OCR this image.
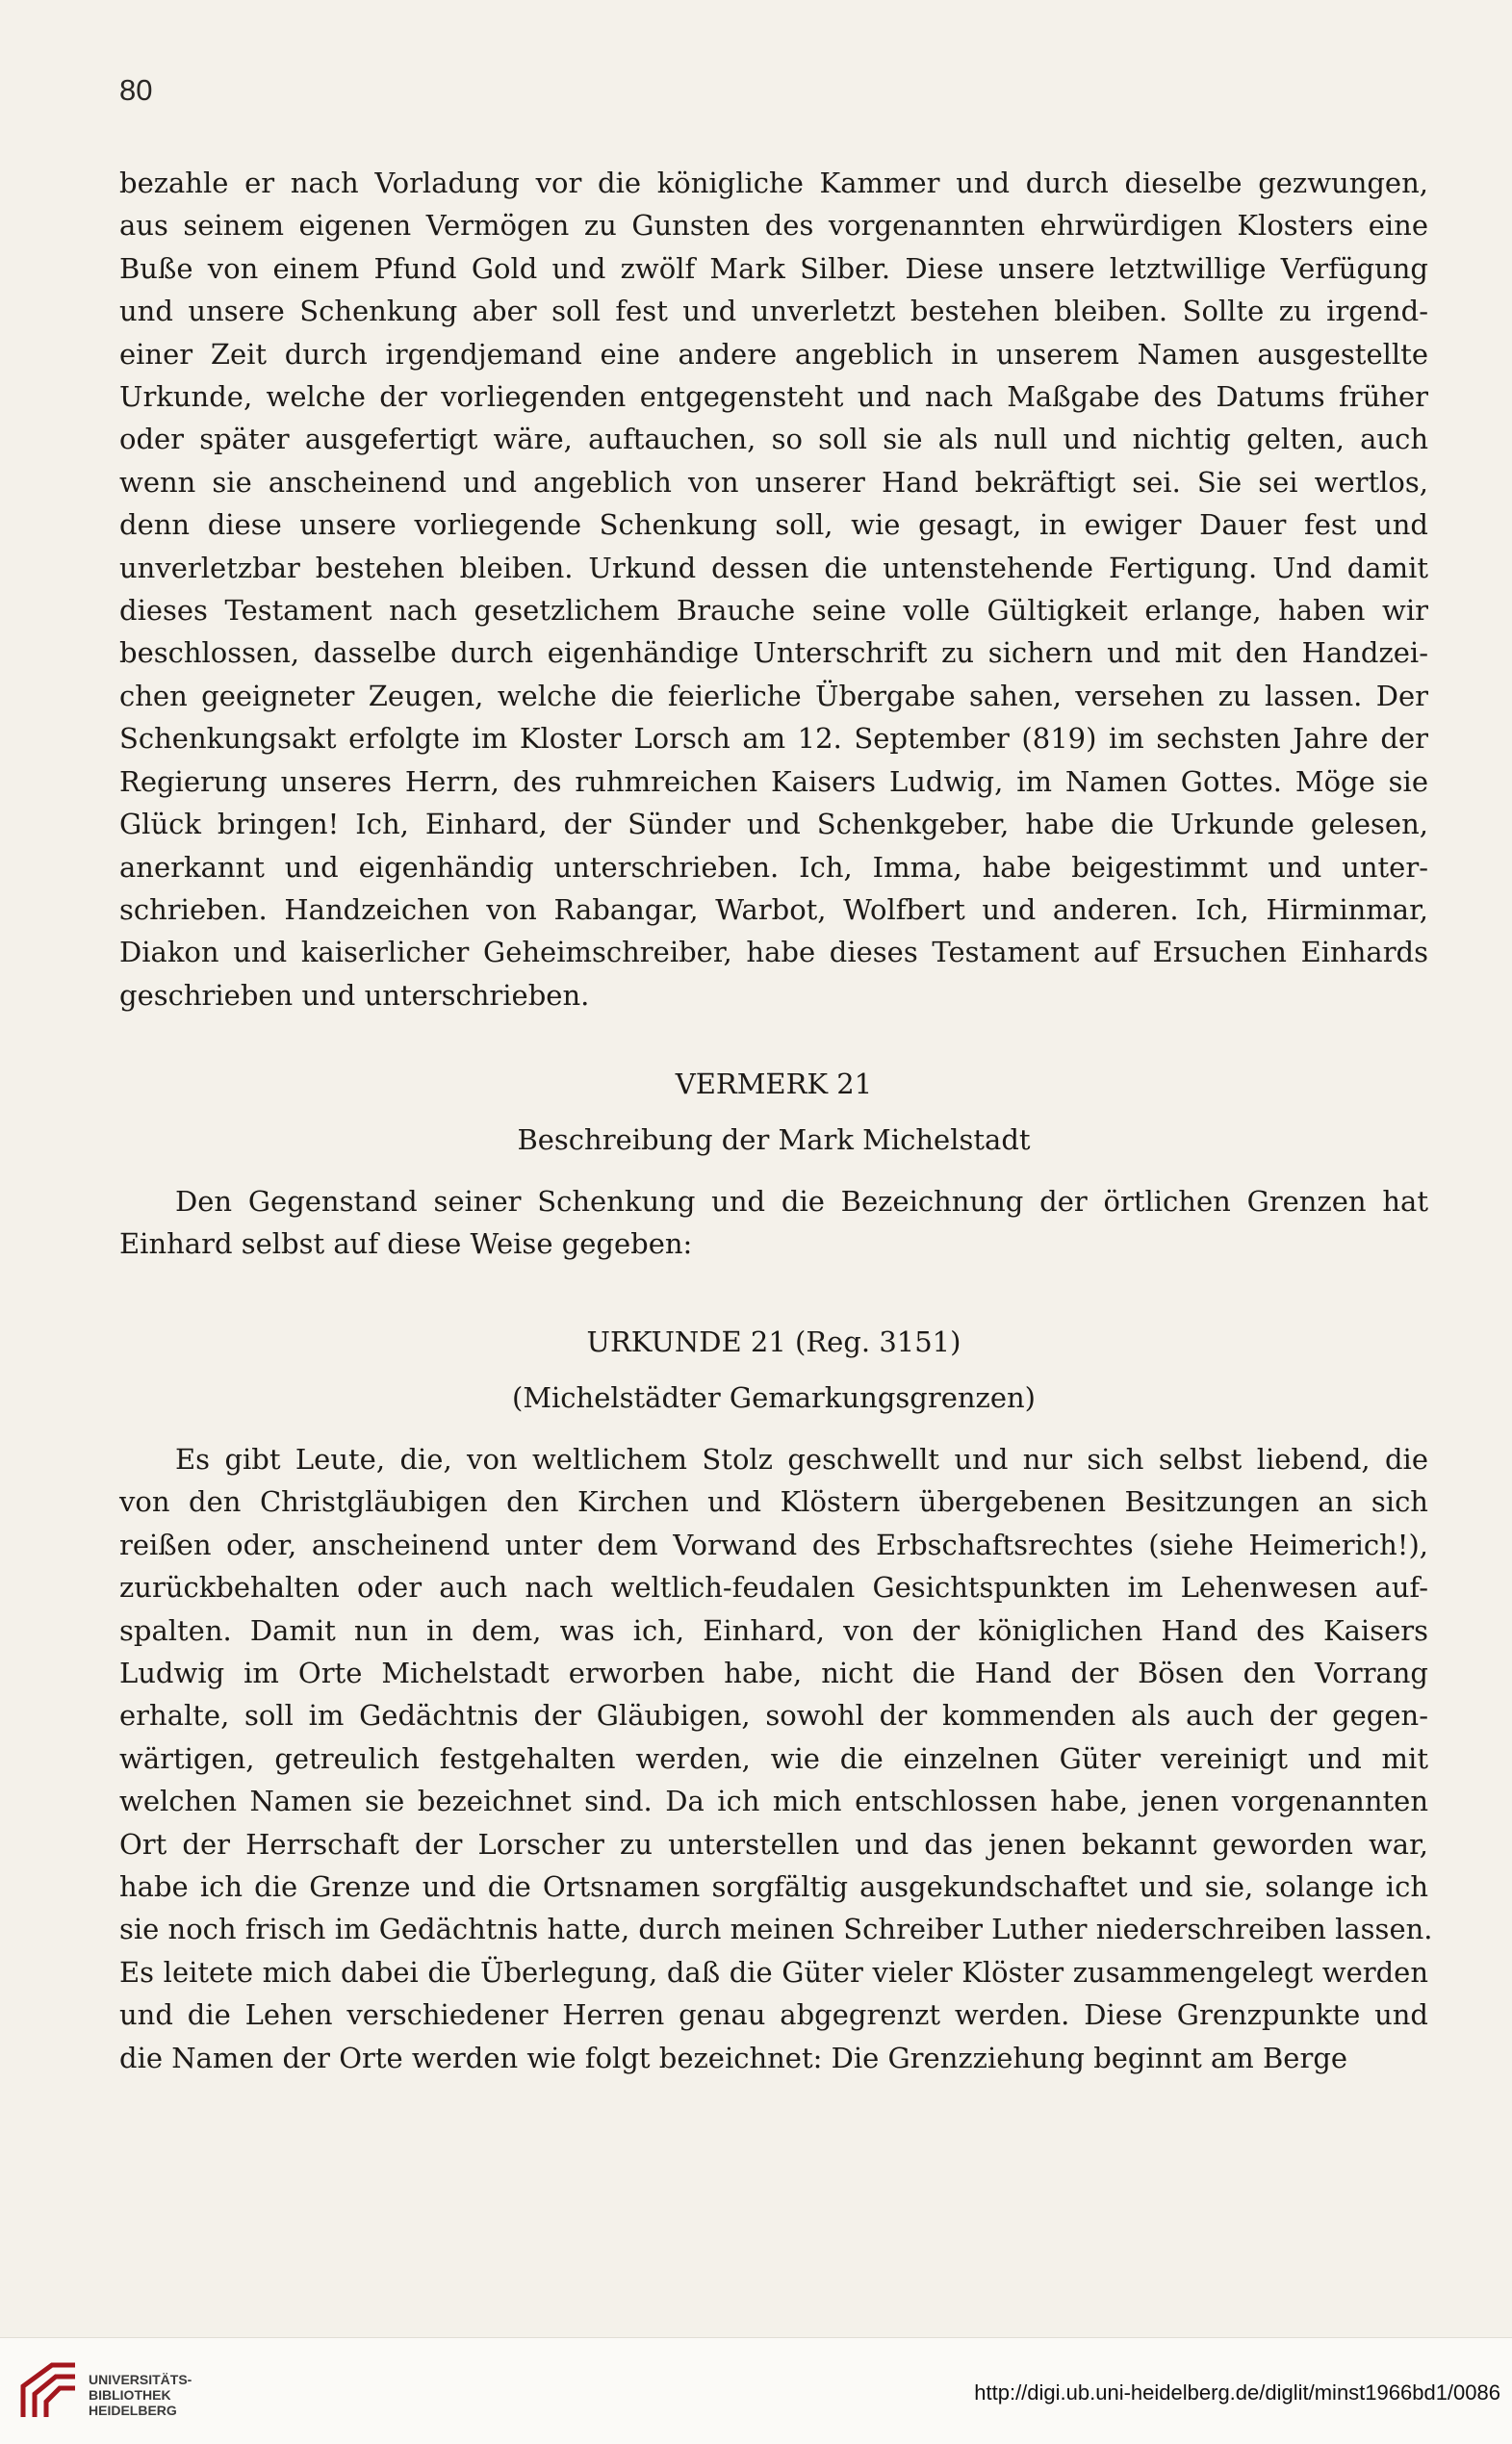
80
bezahle er nach Vorladung vor die königliche Kammer und durch dieselbe gezwungen,
aus seinem eigenen Vermögen zu Gunsten des vorgenannten ehrwürdigen Klosters eine
Buße von einem Pfund Gold und zwölf Mark Silber. Diese unsere letztwillige Verfügung
und unsere Schenkung aber soll fest und unverletzt bestehen bleiben. Sollte zu irgend-
einer Zeit durch irgendjemand eine andere angeblich in unserem Namen ausgestellte
Urkunde, welche der vorliegenden entgegensteht und nach Maßgabe des Datums früher
oder später ausgefertigt wäre, auftauchen, so soll sie als null und nichtig gelten, auch
wenn sie anscheinend und angeblich von unserer Hand bekräftigt sei. Sie sei wertlos,
denn diese unsere vorliegende Schenkung soll, wie gesagt, in ewiger Dauer fest und
unverletzbar bestehen bleiben. Urkund dessen die untenstehende Fertigung. Und damit
dieses Testament nach gesetzlichem Brauche seine volle Gültigkeit erlange, haben wir
beschlossen, dasselbe durch eigenhändige Unterschrift zu sichern und mit den Handzei-
chen geeigneter Zeugen, welche die feierliche Übergabe sahen, versehen zu lassen. Der
Schenkungsakt erfolgte im Kloster Lorsch am 12. September (819) im sechsten Jahre der
Regierung unseres Herrn, des ruhmreichen Kaisers Ludwig, im Namen Gottes. Möge sie
Glück bringen! Ich, Einhard, der Sünder und Schenkgeber, habe die Urkunde gelesen,
anerkannt und eigenhändig unterschrieben. Ich, Imma, habe beigestimmt und unter-
schrieben. Handzeichen von Rabangar, Warbot, Wolfbert und anderen. Ich, Hirminmar,
Diakon und kaiserlicher Geheimschreiber, habe dieses Testament auf Ersuchen Einhards
geschrieben und unterschrieben.
VERMERK 21
Beschreibung der Mark Michelstadt
Den Gegenstand seiner Schenkung und die Bezeichnung der örtlichen Grenzen hat
Einhard selbst auf diese Weise gegeben:
URKUNDE 21 (Reg. 3151)
(Michelstädter Gemarkungsgrenzen)
Es gibt Leute, die, von weltlichem Stolz geschwellt und nur sich selbst liebend, die
von den Christgläubigen den Kirchen und Klöstern übergebenen Besitzungen an sich
reißen oder, anscheinend unter dem Vorwand des Erbschaftsrechtes (siehe Heimerich!),
zurückbehalten oder auch nach weltlich-feudalen Gesichtspunkten im Lehenwesen auf-
spalten. Damit nun in dem, was ich, Einhard, von der königlichen Hand des Kaisers
Ludwig im Orte Michelstadt erworben habe, nicht die Hand der Bösen den Vorrang
erhalte, soll im Gedächtnis der Gläubigen, sowohl der kommenden als auch der gegen-
wärtigen, getreulich festgehalten werden, wie die einzelnen Güter vereinigt und mit
welchen Namen sie bezeichnet sind. Da ich mich entschlossen habe, jenen vorgenannten
Ort der Herrschaft der Lorscher zu unterstellen und das jenen bekannt geworden war,
habe ich die Grenze und die Ortsnamen sorgfältig ausgekundschaftet und sie, solange ich
sie noch frisch im Gedächtnis hatte, durch meinen Schreiber Luther niederschreiben lassen.
Es leitete mich dabei die Überlegung, daß die Güter vieler Klöster zusammengelegt werden
und die Lehen verschiedener Herren genau abgegrenzt werden. Diese Grenzpunkte und
die Namen der Orte werden wie folgt bezeichnet: Die Grenzziehung beginnt am Berge
UNIVERSITÄTS-
BIBLIOTHEK
HEIDELBERG
http://digi.ub.uni-heidelberg.de/diglit/minst1966bd1/0086
